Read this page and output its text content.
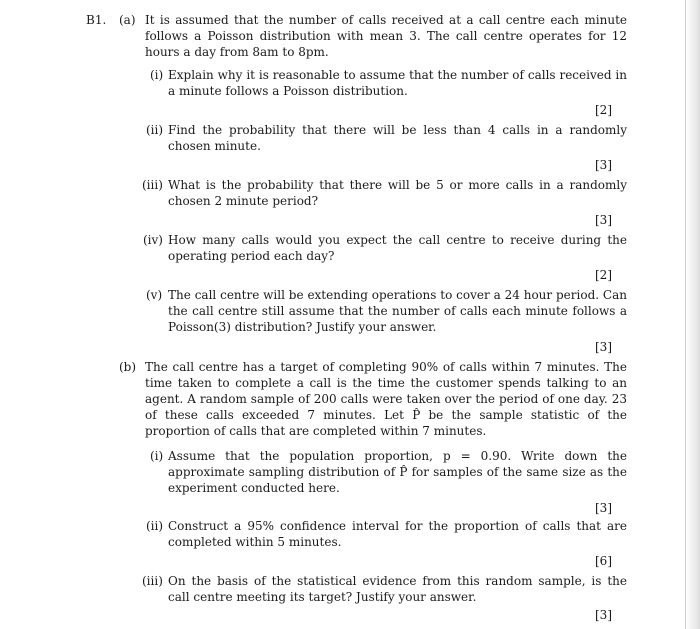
B1. (a) It is assumed that the number of calls received at a call centre each minute follows a Poisson distribution with mean 3. The call centre operates for 12 hours a day from 8am to 8pm.
(i) Explain why it is reasonable to assume that the number of calls received in a minute follows a Poisson distribution.
[2]
(ii) Find the probability that there will be less than 4 calls in a randomly chosen minute.
[3]
(iii) What is the probability that there will be 5 or more calls in a randomly chosen 2 minute period?
[3]
(iv) How many calls would you expect the call centre to receive during the operating period each day?
[2]
(v) The call centre will be extending operations to cover a 24 hour period. Can the call centre still assume that the number of calls each minute follows a Poisson(3) distribution? Justify your answer.
[3]
(b) The call centre has a target of completing 90% of calls within 7 minutes. The time taken to complete a call is the time the customer spends talking to an agent. A random sample of 200 calls were taken over the period of one day. 23 of these calls exceeded 7 minutes. Let P̂ be the sample statistic of the proportion of calls that are completed within 7 minutes.
(i) Assume that the population proportion, p = 0.90. Write down the approximate sampling distribution of P̂ for samples of the same size as the experiment conducted here.
[3]
(ii) Construct a 95% confidence interval for the proportion of calls that are completed within 5 minutes.
[6]
(iii) On the basis of the statistical evidence from this random sample, is the call centre meeting its target? Justify your answer.
[3]
